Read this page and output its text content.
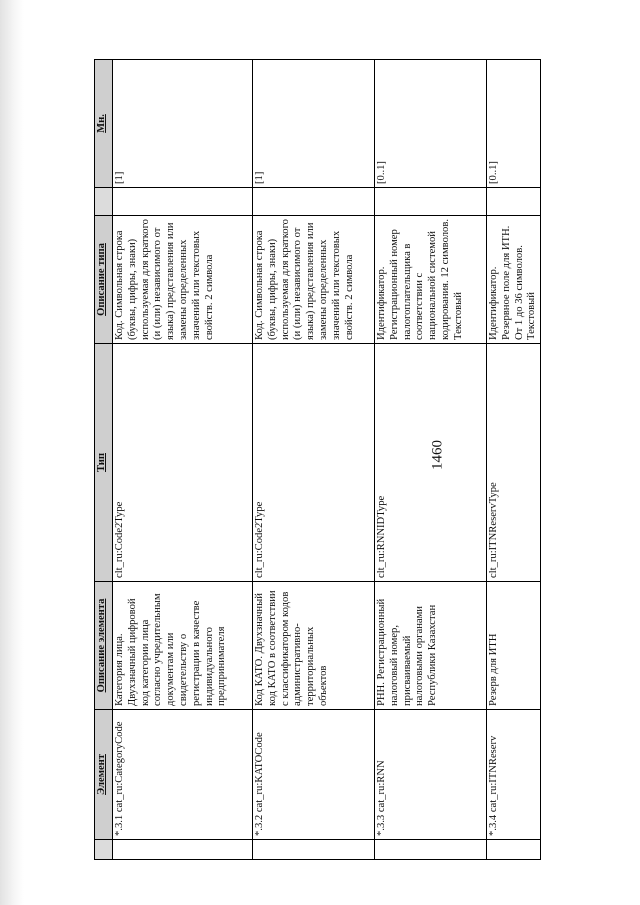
1460
	Элемент	Описание элемента	Тип	Описание типа		Мн.
	*.3.1 cat_ru:CategoryCode	Категория лица. Двухзначный цифровой код категории лица согласно учредительным документам или свидетельству о регистрации в качестве индивидуального предпринимателя	clt_ru:Code2Type	Код. Символьная строка (буквы, цифры, знаки) используемая для краткого (и (или) независимого от языка) представления или замены определенных значений или текстовых свойств. 2 символа		[1]
	*.3.2 cat_ru:KATOCode	Код КАТО. Двухзначный код КАТО в соответствии с классификатором кодов административно-территориальных объектов	clt_ru:Code2Type	Код. Символьная строка (буквы, цифры, знаки) используемая для краткого (и (или) независимого от языка) представления или замены определенных значений или текстовых свойств. 2 символа		[1]
	*.3.3 cat_ru:RNN	РНН. Регистрационный налоговый номер, присваиваемый налоговыми органами Республики Казахстан	clt_ru:RNNIDType	Идентификатор. Регистрационный номер налогоплательщика в соответствии с национальной системой кодирования. 12 символов. Текстовый		[0..1]
	*.3.4 cat_ru:ITNReserv	Резерв для ИТН	clt_ru:ITNReservType	Идентификатор. Резервное поле для ИТН. От 1 до 36 символов. Текстовый		[0..1]
